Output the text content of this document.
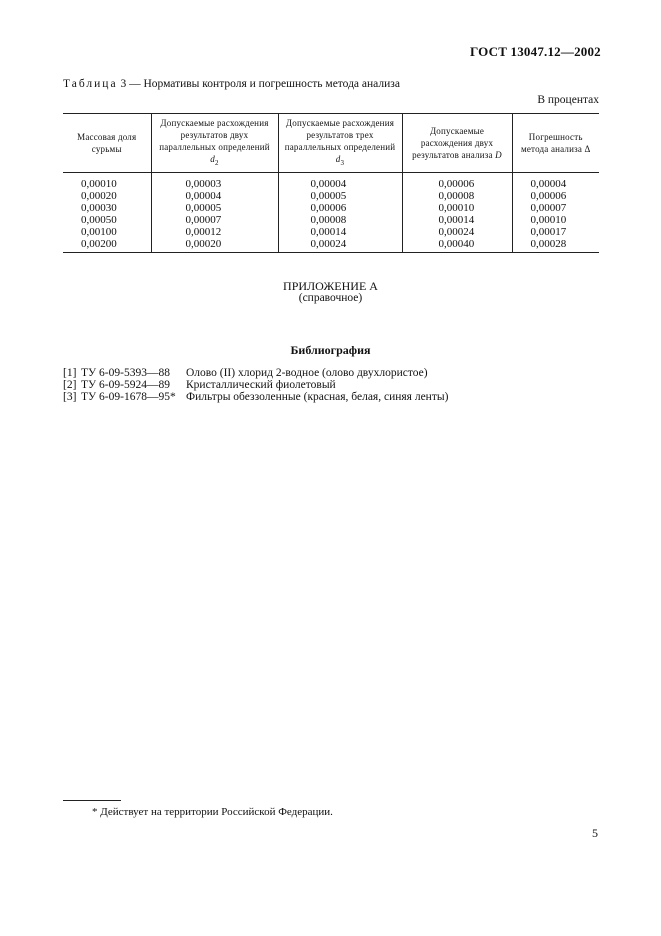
ГОСТ 13047.12—2002
Таблица 3 — Нормативы контроля и погрешность метода анализа
В процентах
Массовая доля сурьмы	Допускаемые расхождения результатов двух параллельных определений $d_2$	Допускаемые расхождения результатов трех параллельных определений $d_3$	Допускаемые расхождения двух результатов анализа D	Погрешность метода анализа Δ
0,00010	0,00003	0,00004	0,00006	0,00004
0,00020	0,00004	0,00005	0,00008	0,00006
0,00030	0,00005	0,00006	0,00010	0,00007
0,00050	0,00007	0,00008	0,00014	0,00010
0,00100	0,00012	0,00014	0,00024	0,00017
0,00200	0,00020	0,00024	0,00040	0,00028
ПРИЛОЖЕНИЕ А
(справочное)
Библиография
[1] ТУ 6-09-5393—88 Олово (II) хлорид 2-водное (олово двухлористое)
[2] ТУ 6-09-5924—89 Кристаллический фиолетовый
[3] ТУ 6-09-1678—95* Фильтры обеззоленные (красная, белая, синяя ленты)
* Действует на территории Российской Федерации.
5
